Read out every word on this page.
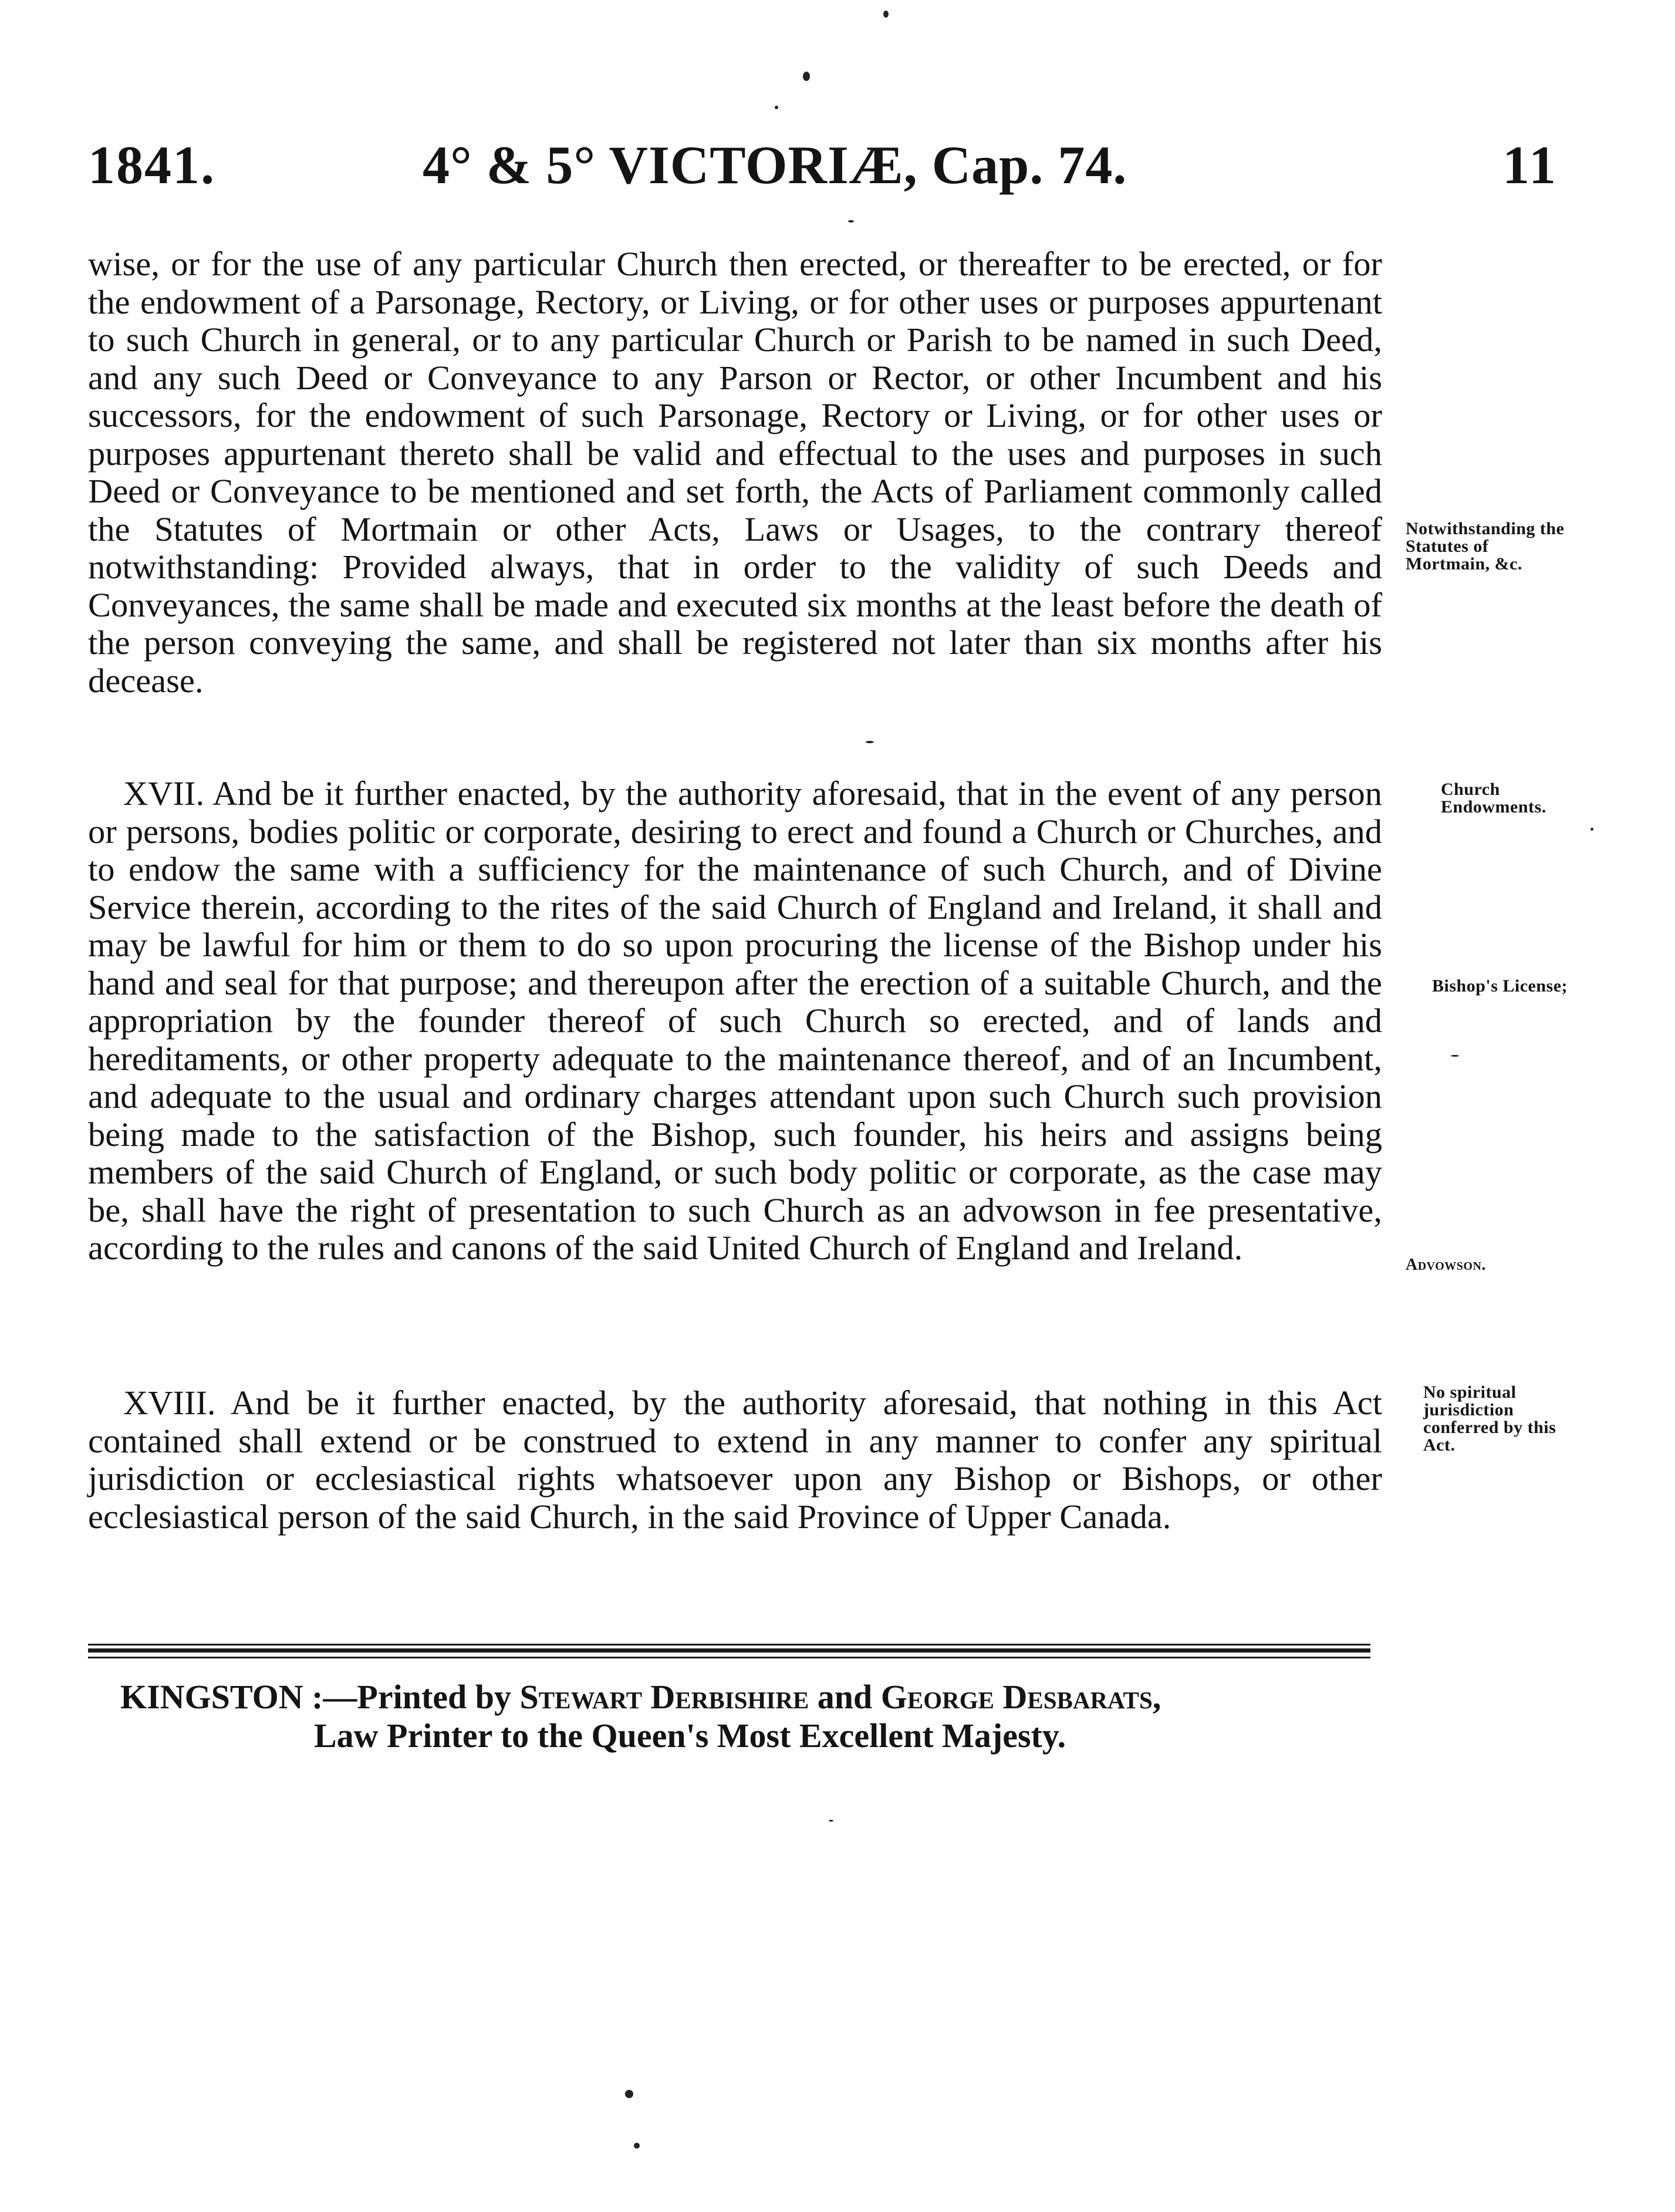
1841.	4° & 5° VICTORIÆ, Cap. 74.	11

wise, or for the use of any particular Church then erected, or thereafter to be erected, or for the endowment of a Parsonage, Rectory, or Living, or for other uses or purposes appurtenant to such Church in general, or to any particular Church or Parish to be named in such Deed, and any such Deed or Conveyance to any Parson or Rector, or other Incumbent and his successors, for the endowment of such Parsonage, Rectory or Living, or for other uses or purposes appurtenant thereto shall be valid and effectual to the uses and purposes in such Deed or Conveyance to be mentioned and set forth, the Acts of Parliament commonly called the Statutes of Mortmain or other Acts, Laws or Usages, to the contrary thereof notwithstanding: Provided always, that in order to the validity of such Deeds and Conveyances, the same shall be made and executed six months at the least before the death of the person conveying the same, and shall be registered not later than six months after his decease.

Notwithstanding the Statutes of Mortmain, &c.

XVII. And be it further enacted, by the authority aforesaid, that in the event of any person or persons, bodies politic or corporate, desiring to erect and found a Church or Churches, and to endow the same with a sufficiency for the maintenance of such Church, and of Divine Service therein, according to the rites of the said Church of England and Ireland, it shall and may be lawful for him or them to do so upon procuring the license of the Bishop under his hand and seal for that purpose; and thereupon after the erection of a suitable Church, and the appropriation by the founder thereof of such Church so erected, and of lands and hereditaments, or other property adequate to the maintenance thereof, and of an Incumbent, and adequate to the usual and ordinary charges attendant upon such Church such provision being made to the satisfaction of the Bishop, such founder, his heirs and assigns being members of the said Church of England, or such body politic or corporate, as the case may be, shall have the right of presentation to such Church as an advowson in fee presentative, according to the rules and canons of the said United Church of England and Ireland.

Church Endowments.
Bishop's License;
Advowson.

XVIII. And be it further enacted, by the authority aforesaid, that nothing in this Act contained shall extend or be construed to extend in any manner to confer any spiritual jurisdiction or ecclesiastical rights whatsoever upon any Bishop or Bishops, or other ecclesiastical person of the said Church, in the said Province of Upper Canada.

No spiritual jurisdiction conferred by this Act.
KINGSTON :—Printed by Stewart Derbishire and George Desbarats,
Law Printer to the Queen's Most Excellent Majesty.
